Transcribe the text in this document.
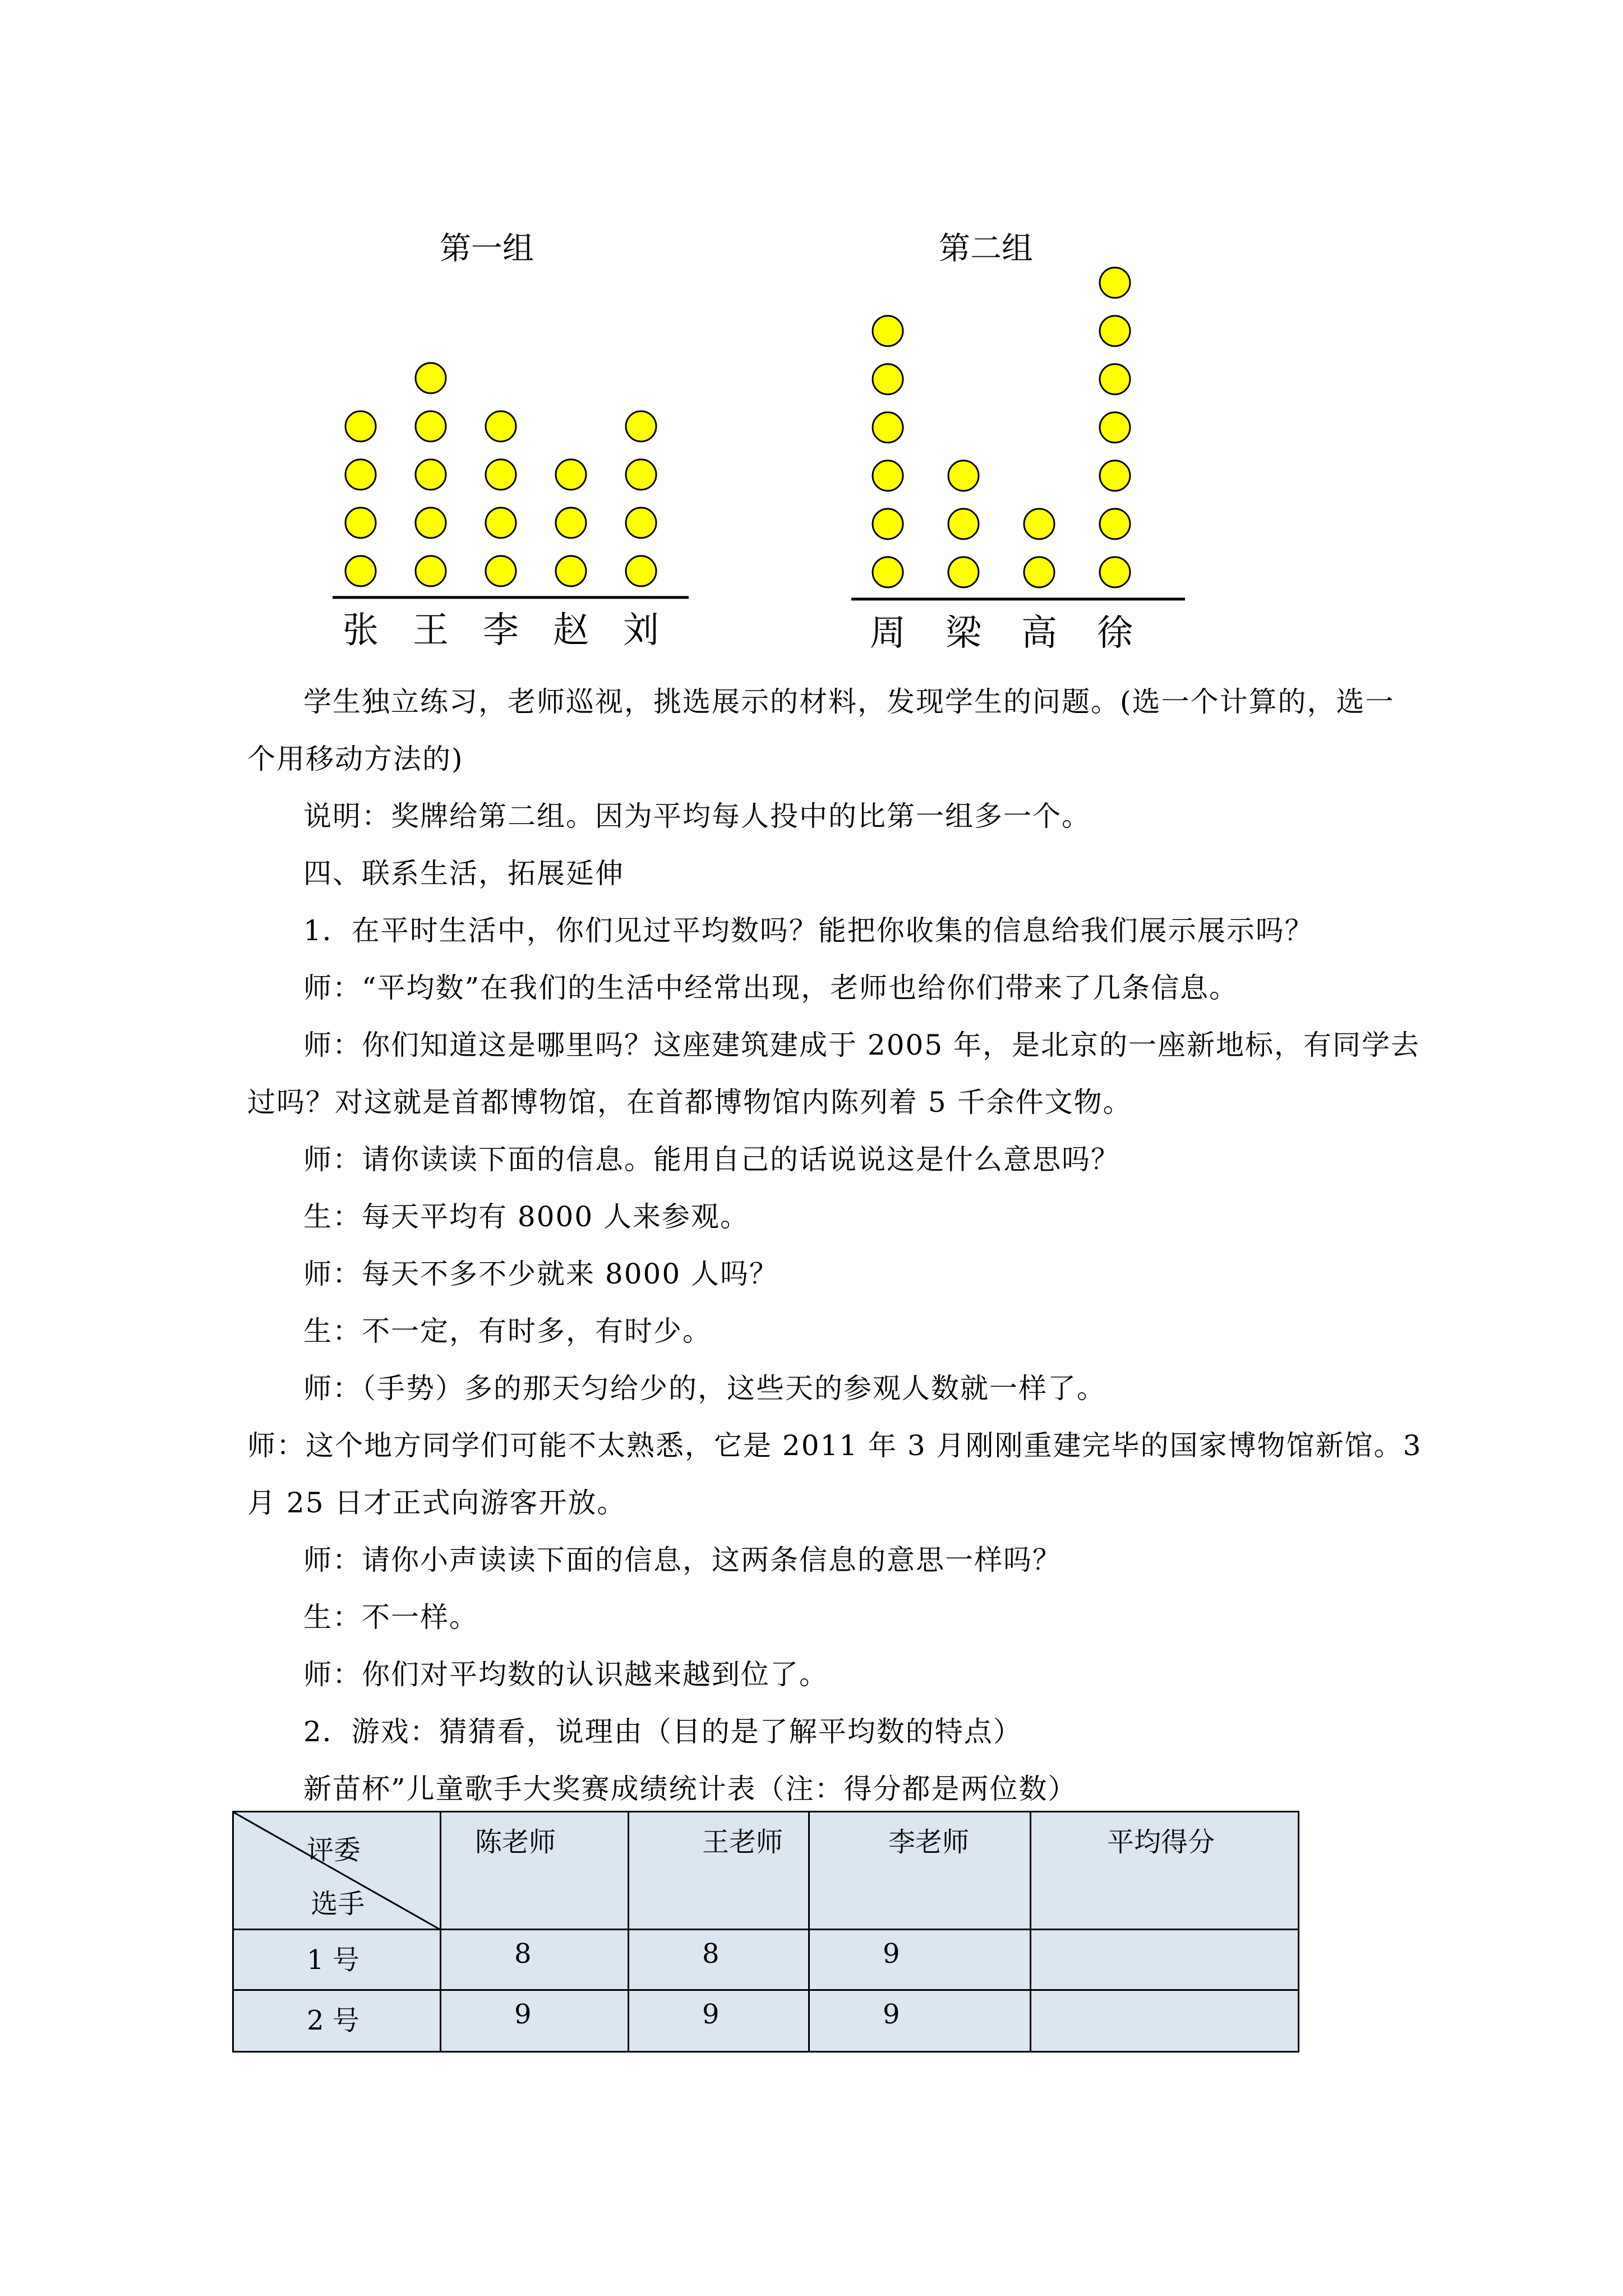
第一组
张 王 李 赵 刘
第二组
周 梁 高 徐

学生独立练习，老师巡视，挑选展示的材料，发现学生的问题。(选一个计算的，选一

个用移动方法的)

说明：奖牌给第二组。因为平均每人投中的比第一组多一个。

四、联系生活，拓展延伸

1．在平时生活中，你们见过平均数吗？能把你收集的信息给我们展示展示吗？

师：“平均数”在我们的生活中经常出现，老师也给你们带来了几条信息。

师：你们知道这是哪里吗？这座建筑建成于 2005 年，是北京的一座新地标，有同学去

过吗？对这就是首都博物馆，在首都博物馆内陈列着 5 千余件文物。

师：请你读读下面的信息。能用自己的话说说这是什么意思吗？

生：每天平均有 8000 人来参观。

师：每天不多不少就来 8000 人吗？

生：不一定，有时多，有时少。

师：（手势）多的那天匀给少的，这些天的参观人数就一样了。

师：这个地方同学们可能不太熟悉，它是 2011 年 3 月刚刚重建完毕的国家博物馆新馆。3

月 25 日才正式向游客开放。

师：请你小声读读下面的信息，这两条信息的意思一样吗？

生：不一样。

师：你们对平均数的认识越来越到位了。

2．游戏：猜猜看，说理由（目的是了解平均数的特点）

新苗杯”儿童歌手大奖赛成绩统计表（注：得分都是两位数）

评委 选手	陈老师	王老师	李老师	平均得分
1 号	8	8	9	
2 号	9	9	9	
